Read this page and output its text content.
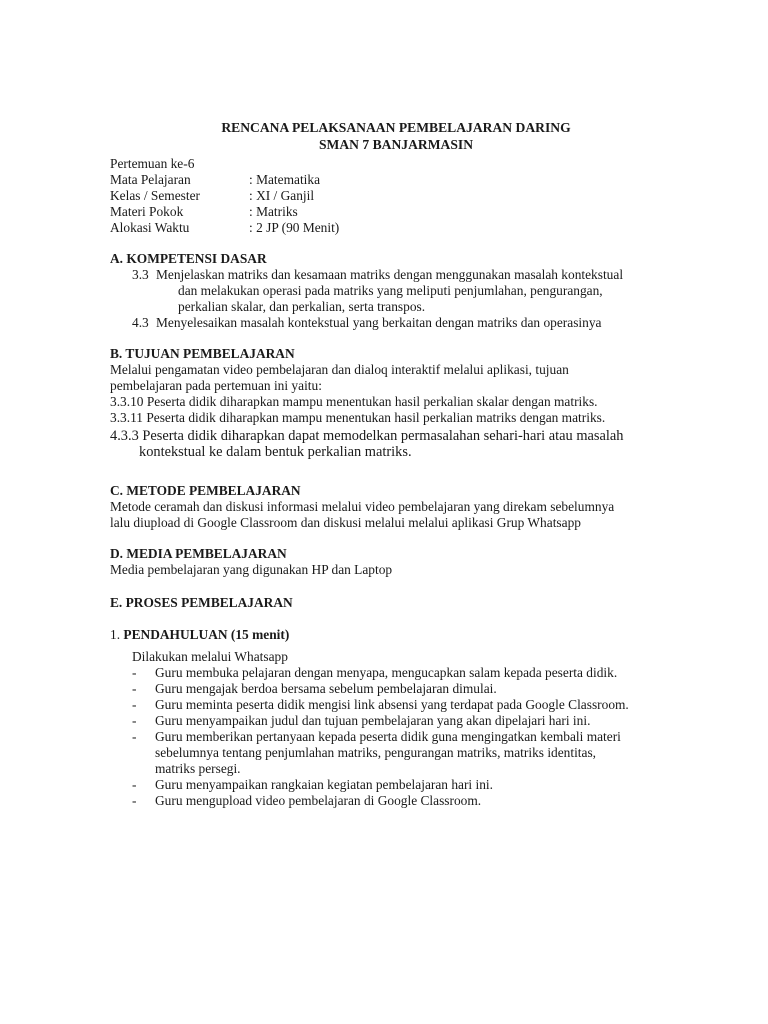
RENCANA PELAKSANAAN PEMBELAJARAN DARING
SMAN 7 BANJARMASIN
Pertemuan ke-6
Mata Pelajaran	: Matematika
Kelas / Semester	: XI / Ganjil
Materi Pokok	: Matriks
Alokasi Waktu	: 2 JP (90 Menit)
A. KOMPETENSI DASAR
3.3 Menjelaskan matriks dan kesamaan matriks dengan menggunakan masalah kontekstual
dan melakukan operasi pada matriks yang meliputi penjumlahan, pengurangan,
perkalian skalar, dan perkalian, serta transpos.
4.3 Menyelesaikan masalah kontekstual yang berkaitan dengan matriks dan operasinya
B. TUJUAN PEMBELAJARAN

Melalui pengamatan video pembelajaran dan dialoq interaktif melalui aplikasi, tujuan
pembelajaran pada pertemuan ini yaitu:

3.3.10 Peserta didik diharapkan mampu menentukan hasil perkalian skalar dengan matriks.

3.3.11 Peserta didik diharapkan mampu menentukan hasil perkalian matriks dengan matriks.

4.3.3 Peserta didik diharapkan dapat memodelkan permasalahan sehari-hari atau masalah
kontekstual ke dalam bentuk perkalian matriks.

C. METODE PEMBELAJARAN

Metode ceramah dan diskusi informasi melalui video pembelajaran yang direkam sebelumnya
lalu diupload di Google Classroom dan diskusi melalui melalui aplikasi Grup Whatsapp

D. MEDIA PEMBELAJARAN

Media pembelajaran yang digunakan HP dan Laptop

E. PROSES PEMBELAJARAN
1. PENDAHULUAN (15 menit)
Dilakukan melalui Whatsapp
-	Guru membuka pelajaran dengan menyapa, mengucapkan salam kepada peserta didik.
-	Guru mengajak berdoa bersama sebelum pembelajaran dimulai.
-	Guru meminta peserta didik mengisi link absensi yang terdapat pada Google Classroom.
-	Guru menyampaikan judul dan tujuan pembelajaran yang akan dipelajari hari ini.
-	Guru memberikan pertanyaan kepada peserta didik guna mengingatkan kembali materi
sebelumnya tentang penjumlahan matriks, pengurangan matriks, matriks identitas,
matriks persegi.
-	Guru menyampaikan rangkaian kegiatan pembelajaran hari ini.
-	Guru mengupload video pembelajaran di Google Classroom.
